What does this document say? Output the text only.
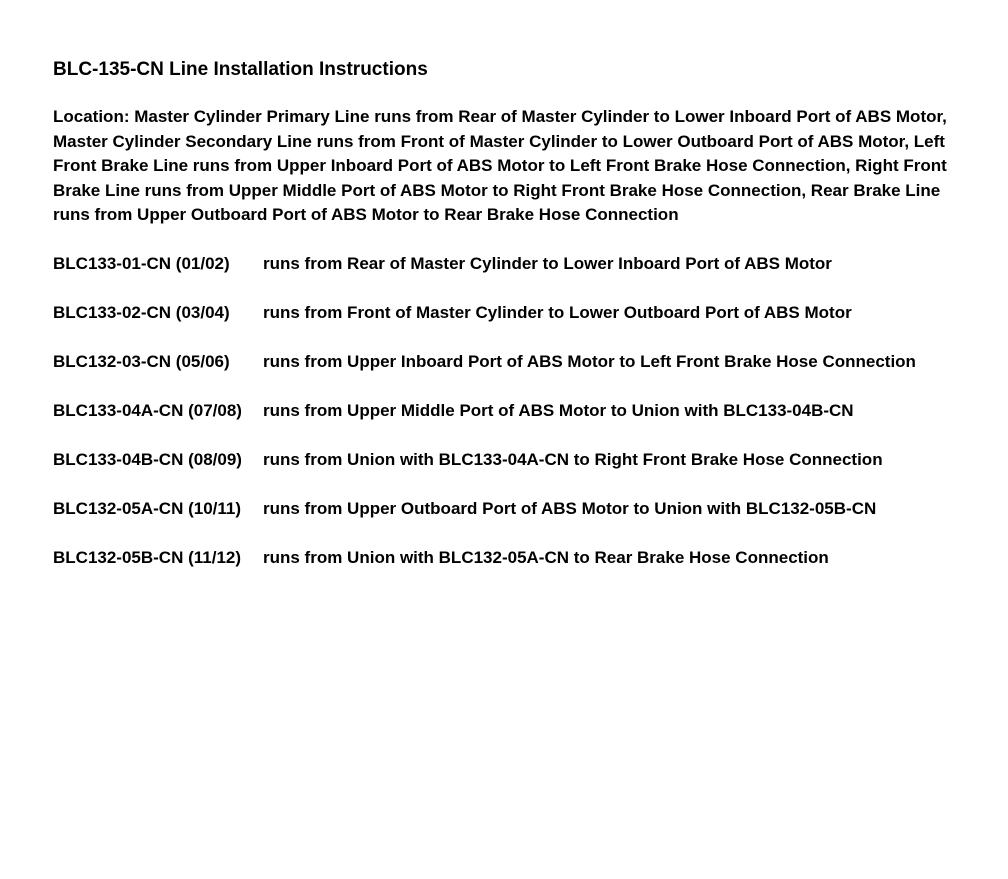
BLC-135-CN Line Installation Instructions
Location: Master Cylinder Primary Line runs from Rear of Master Cylinder to Lower Inboard Port of ABS Motor, Master Cylinder Secondary Line runs from Front of Master Cylinder to Lower Outboard Port of ABS Motor, Left Front Brake Line runs from Upper Inboard Port of ABS Motor to Left Front Brake Hose Connection, Right Front Brake Line runs from Upper Middle Port of ABS Motor to Right Front Brake Hose Connection, Rear Brake Line runs from Upper Outboard Port of ABS Motor to Rear Brake Hose Connection
BLC133-01-CN (01/02)	runs from Rear of Master Cylinder to Lower Inboard Port of ABS Motor
BLC133-02-CN (03/04)	runs from Front of Master Cylinder to Lower Outboard Port of ABS Motor
BLC132-03-CN (05/06)	runs from Upper Inboard Port of ABS Motor to Left Front Brake Hose Connection
BLC133-04A-CN (07/08)	runs from Upper Middle Port of ABS Motor to Union with BLC133-04B-CN
BLC133-04B-CN (08/09)	runs from Union with BLC133-04A-CN to Right Front Brake Hose Connection
BLC132-05A-CN (10/11)	runs from Upper Outboard Port of ABS Motor to Union with BLC132-05B-CN
BLC132-05B-CN (11/12)	runs from Union with BLC132-05A-CN to Rear Brake Hose Connection
